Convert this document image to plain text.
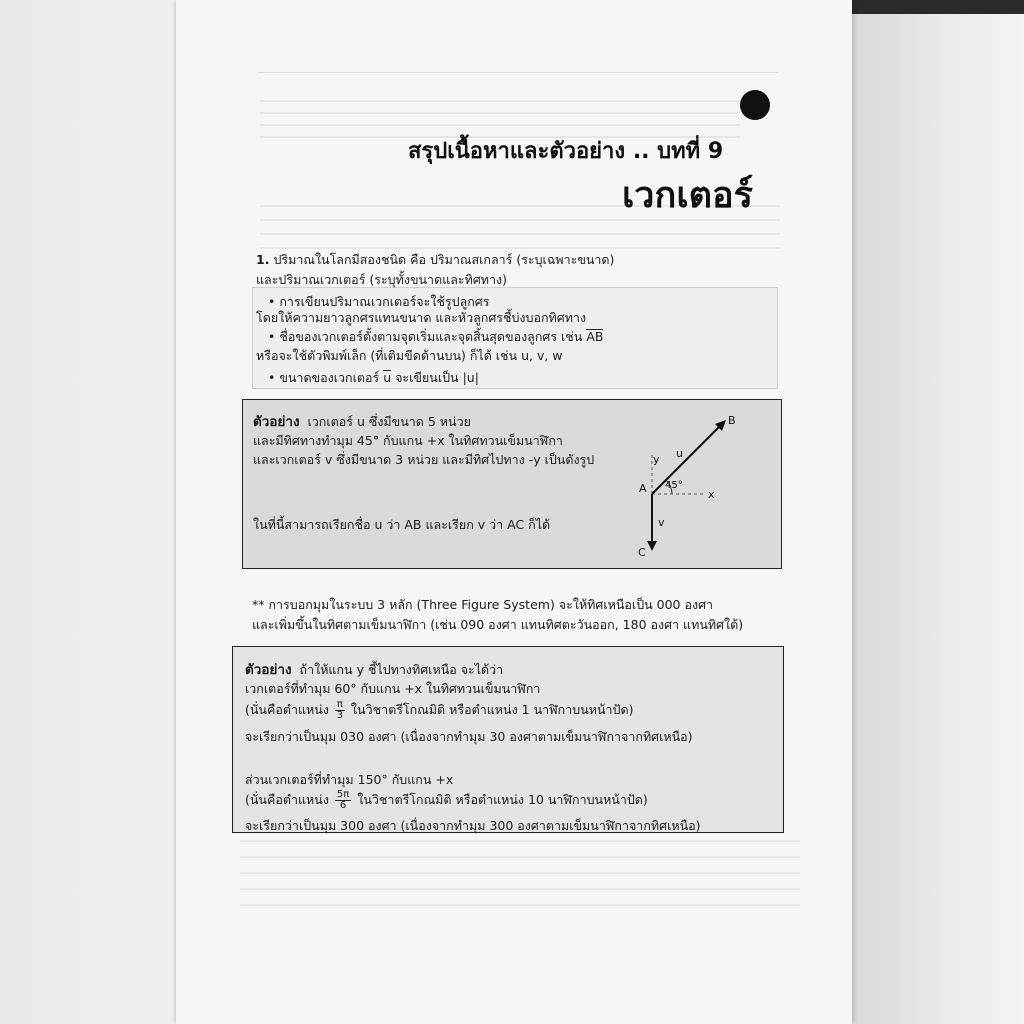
สรุปเนื้อหาและตัวอย่าง .. บทที่ 9
เวกเตอร์
1. ปริมาณในโลกมีสองชนิด คือ ปริมาณสเกลาร์ (ระบุเฉพาะขนาด)
และปริมาณเวกเตอร์ (ระบุทั้งขนาดและทิศทาง)
• การเขียนปริมาณเวกเตอร์จะใช้รูปลูกศร
โดยให้ความยาวลูกศรแทนขนาด และหัวลูกศรชี้บ่งบอกทิศทาง
• ชื่อของเวกเตอร์ตั้งตามจุดเริ่มและจุดสิ้นสุดของลูกศร เช่น AB
หรือจะใช้ตัวพิมพ์เล็ก (ที่เติมขีดด้านบน) ก็ได้ เช่น u, v, w
• ขนาดของเวกเตอร์ u จะเขียนเป็น |u|
ตัวอย่าง เวกเตอร์ u ซึ่งมีขนาด 5 หน่วย
และมีทิศทางทำมุม 45° กับแกน +x ในทิศทวนเข็มนาฬิกา
และเวกเตอร์ v ซึ่งมีขนาด 3 หน่วย และมีทิศไปทาง -y เป็นดังรูป
ในที่นี้สามารถเรียกชื่อ u ว่า AB และเรียก v ว่า AC ก็ได้
y u
B
A 45°
x
v
C
** การบอกมุมในระบบ 3 หลัก (Three Figure System) จะให้ทิศเหนือเป็น 000 องศา
และเพิ่มขึ้นในทิศตามเข็มนาฬิกา (เช่น 090 องศา แทนทิศตะวันออก, 180 องศา แทนทิศใต้)
ตัวอย่าง ถ้าให้แกน y ชี้ไปทางทิศเหนือ จะได้ว่า
เวกเตอร์ที่ทำมุม 60° กับแกน +x ในทิศทวนเข็มนาฬิกา
(นั่นคือตำแหน่ง $\frac{\pi}{3}$ ในวิชาตรีโกณมิติ หรือตำแหน่ง 1 นาฬิกาบนหน้าปัด)
จะเรียกว่าเป็นมุม 030 องศา (เนื่องจากทำมุม 30 องศาตามเข็มนาฬิกาจากทิศเหนือ)
ส่วนเวกเตอร์ที่ทำมุม 150° กับแกน +x
(นั่นคือตำแหน่ง $\frac{5\pi}{6}$ ในวิชาตรีโกณมิติ หรือตำแหน่ง 10 นาฬิกาบนหน้าปัด)
จะเรียกว่าเป็นมุม 300 องศา (เนื่องจากทำมุม 300 องศาตามเข็มนาฬิกาจากทิศเหนือ)
